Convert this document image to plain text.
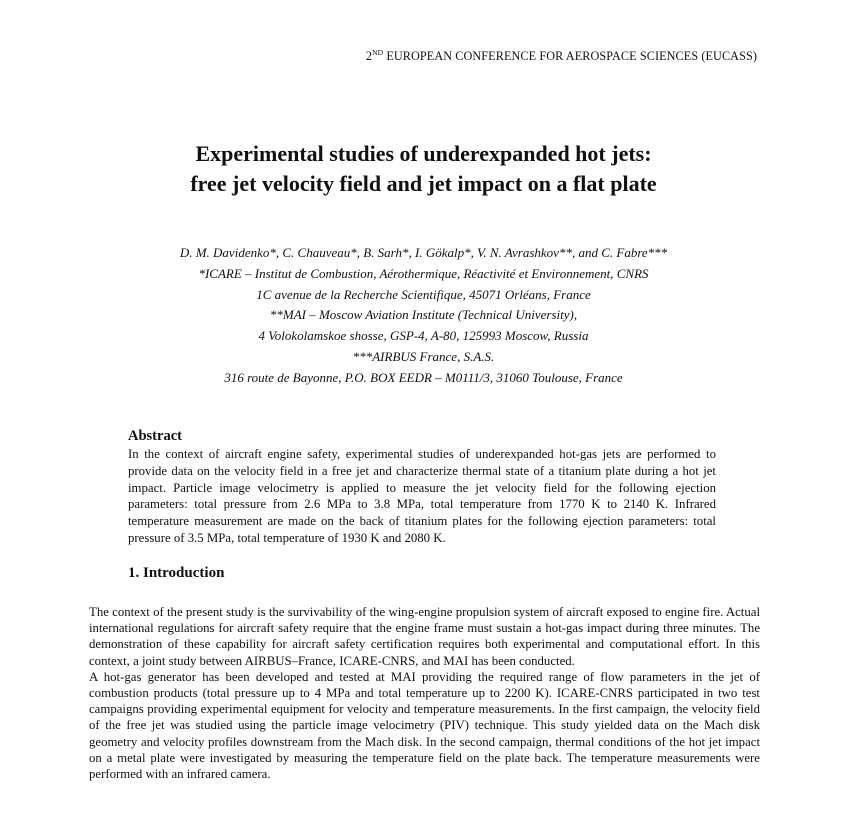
2ND EUROPEAN CONFERENCE FOR AEROSPACE SCIENCES (EUCASS)
Experimental studies of underexpanded hot jets:
free jet velocity field and jet impact on a flat plate
D. M. Davidenko*, C. Chauveau*, B. Sarh*, I. Gökalp*, V. N. Avrashkov**, and C. Fabre***
*ICARE – Institut de Combustion, Aérothermique, Réactivité et Environnement, CNRS
1C avenue de la Recherche Scientifique, 45071 Orléans, France
**MAI – Moscow Aviation Institute (Technical University),
4 Volokolamskoe shosse, GSP-4, A-80, 125993 Moscow, Russia
***AIRBUS France, S.A.S.
316 route de Bayonne, P.O. BOX EEDR – M0111/3, 31060 Toulouse, France
Abstract
In the context of aircraft engine safety, experimental studies of underexpanded hot-gas jets are performed to provide data on the velocity field in a free jet and characterize thermal state of a titanium plate during a hot jet impact. Particle image velocimetry is applied to measure the jet velocity field for the following ejection parameters: total pressure from 2.6 MPa to 3.8 MPa, total temperature from 1770 K to 2140 K. Infrared temperature measurement are made on the back of titanium plates for the following ejection parameters: total pressure of 3.5 MPa, total temperature of 1930 K and 2080 K.
1. Introduction

The context of the present study is the survivability of the wing-engine propulsion system of aircraft exposed to engine fire. Actual international regulations for aircraft safety require that the engine frame must sustain a hot-gas impact during three minutes. The demonstration of these capability for aircraft safety certification requires both experimental and computational effort. In this context, a joint study between AIRBUS–France, ICARE-CNRS, and MAI has been conducted.

A hot-gas generator has been developed and tested at MAI providing the required range of flow parameters in the jet of combustion products (total pressure up to 4 MPa and total temperature up to 2200 K). ICARE-CNRS participated in two test campaigns providing experimental equipment for velocity and temperature measurements. In the first campaign, the velocity field of the free jet was studied using the particle image velocimetry (PIV) technique. This study yielded data on the Mach disk geometry and velocity profiles downstream from the Mach disk. In the second campaign, thermal conditions of the hot jet impact on a metal plate were investigated by measuring the temperature field on the plate back. The temperature measurements were performed with an infrared camera.
